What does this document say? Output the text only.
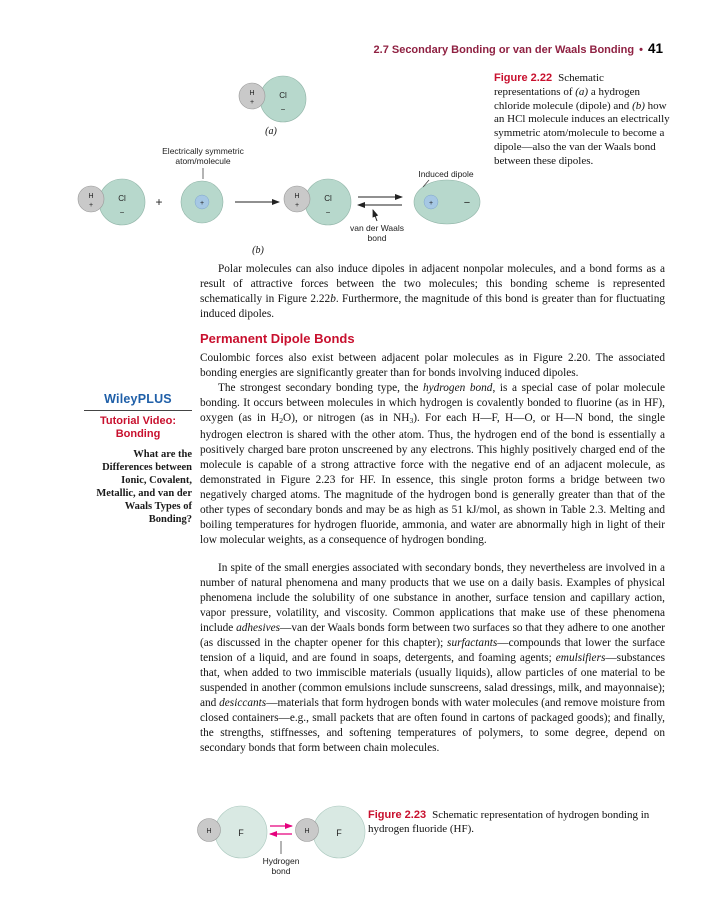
2.7 Secondary Bonding or van der Waals Bonding • 41
H
+
Cl
−
(a)
Electrically symmetric
atom/molecule
H
+
Cl
−
+	+
H
+
Cl
−
+	−
Induced dipole
van der Waals
bond
(b)
Figure 2.22 Schematic representations of (a) a hydrogen chloride molecule (dipole) and (b) how an HCl molecule induces an electrically symmetric atom/molecule to become a dipole—also the van der Waals bond between these dipoles.

Polar molecules can also induce dipoles in adjacent nonpolar molecules, and a bond forms as a result of attractive forces between the two molecules; this bonding scheme is represented schematically in Figure 2.22b. Furthermore, the magnitude of this bond is greater than for fluctuating induced dipoles.

Permanent Dipole Bonds

Coulombic forces also exist between adjacent polar molecules as in Figure 2.20. The associated bonding energies are significantly greater than for bonds involving induced dipoles.

The strongest secondary bonding type, the hydrogen bond, is a special case of polar molecule bonding. It occurs between molecules in which hydrogen is covalently bonded to fluorine (as in HF), oxygen (as in H2O), or nitrogen (as in NH3). For each H—F, H—O, or H—N bond, the single hydrogen electron is shared with the other atom. Thus, the hydrogen end of the bond is essentially a positively charged bare proton unscreened by any electrons. This highly positively charged end of the molecule is capable of a strong attractive force with the negative end of an adjacent molecule, as demonstrated in Figure 2.23 for HF. In essence, this single proton forms a bridge between two negatively charged atoms. The magnitude of the hydrogen bond is generally greater than that of the other types of secondary bonds and may be as high as 51 kJ/mol, as shown in Table 2.3. Melting and boiling temperatures for hydrogen fluoride, ammonia, and water are abnormally high in light of their low molecular weights, as a consequence of hydrogen bonding.

In spite of the small energies associated with secondary bonds, they nevertheless are involved in a number of natural phenomena and many products that we use on a daily basis. Examples of physical phenomena include the solubility of one substance in another, surface tension and capillary action, vapor pressure, volatility, and viscosity. Common applications that make use of these phenomena include adhesives—van der Waals bonds form between two surfaces so that they adhere to one another (as discussed in the chapter opener for this chapter); surfactants—compounds that lower the surface tension of a liquid, and are found in soaps, detergents, and foaming agents; emulsifiers—substances that, when added to two immiscible materials (usually liquids), allow particles of one material to be suspended in another (common emulsions include sunscreens, salad dressings, milk, and mayonnaise); and desiccants—materials that form hydrogen bonds with water molecules (and remove moisture from closed containers—e.g., small packets that are often found in cartons of packaged goods); and finally, the strengths, stiffnesses, and softening temperatures of polymers, to some degree, depend on secondary bonds that form between chain molecules.

WileyPLUS
Tutorial Video:
Bonding
What are the Differences between Ionic, Covalent, Metallic, and van der Waals Types of Bonding?
H	F	H	F
Hydrogen
bond
Figure 2.23 Schematic representation of hydrogen bonding in hydrogen fluoride (HF).
